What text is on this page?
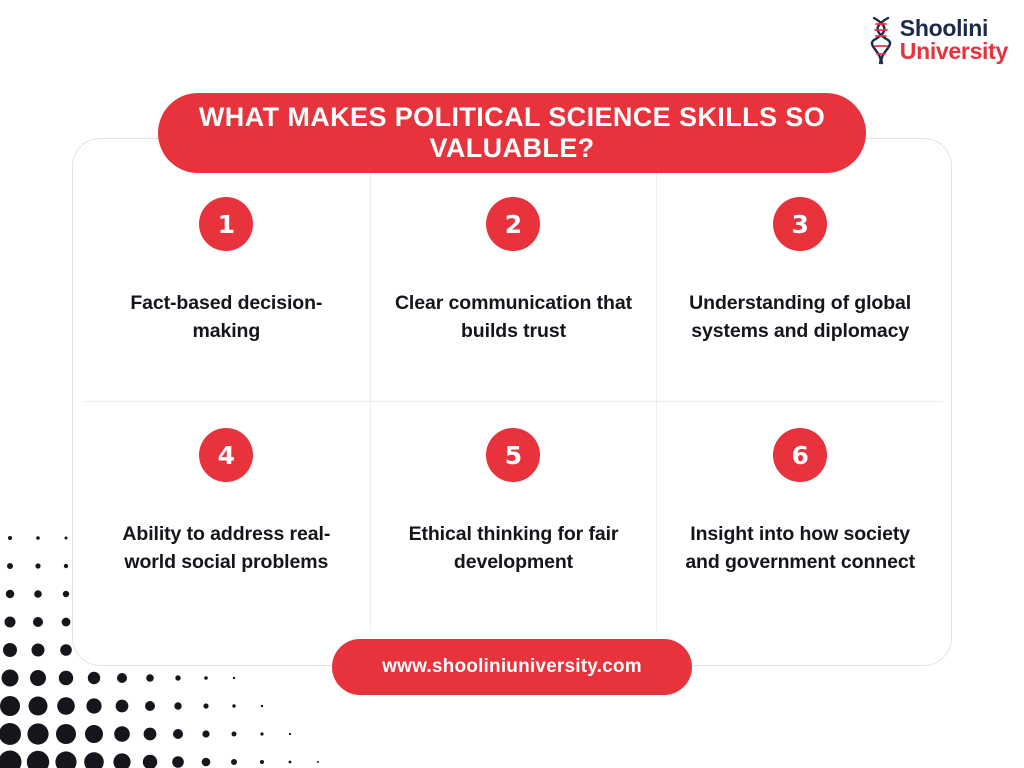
Shoolini
University
1
Fact-based decision-making
2
Clear communication that builds trust
3
Understanding of global systems and diplomacy
4
Ability to address real-world social problems
5
Ethical thinking for fair development
6
Insight into how society and government connect
WHAT MAKES POLITICAL SCIENCE SKILLS SO VALUABLE?
www.shooliniuniversity.com
